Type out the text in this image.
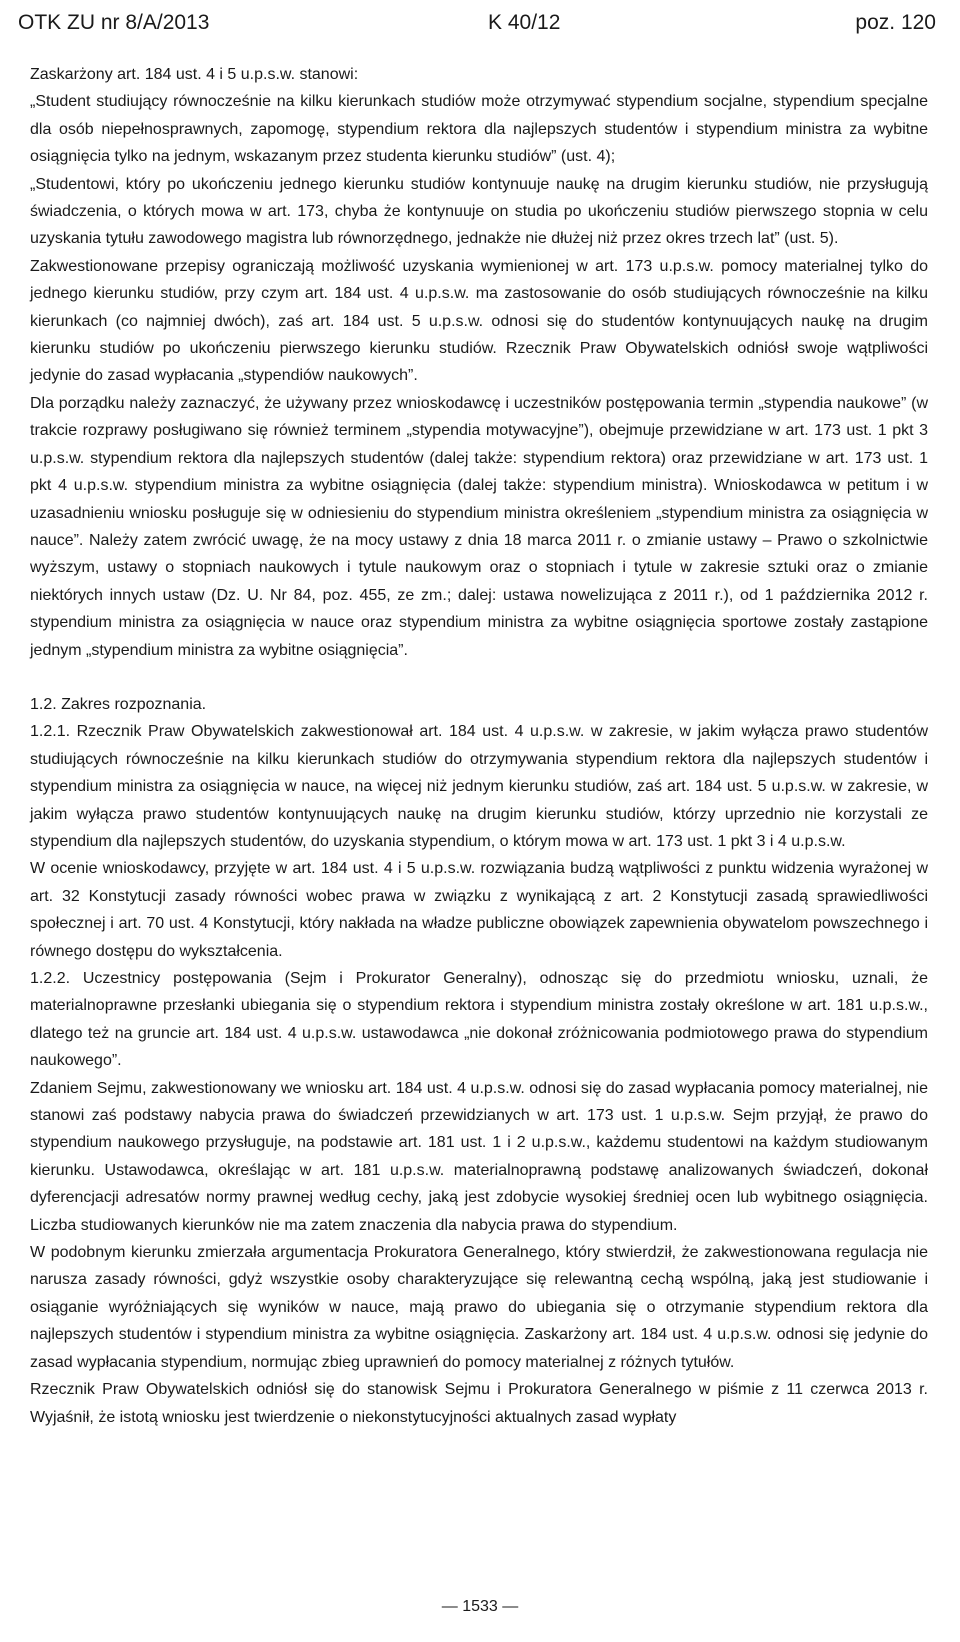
OTK ZU nr 8/A/2013	K 40/12	poz. 120

Zaskarżony art. 184 ust. 4 i 5 u.p.s.w. stanowi:

„Student studiujący równocześnie na kilku kierunkach studiów może otrzymywać stypendium socjalne, stypendium specjalne dla osób niepełnosprawnych, zapomogę, stypendium rektora dla najlepszych studentów i stypendium ministra za wybitne osiągnięcia tylko na jednym, wskazanym przez studenta kierunku studiów” (ust. 4);

„Studentowi, który po ukończeniu jednego kierunku studiów kontynuuje naukę na drugim kierunku studiów, nie przysługują świadczenia, o których mowa w art. 173, chyba że kontynuuje on studia po ukończeniu studiów pierwszego stopnia w celu uzyskania tytułu zawodowego magistra lub równorzędnego, jednakże nie dłużej niż przez okres trzech lat” (ust. 5).

Zakwestionowane przepisy ograniczają możliwość uzyskania wymienionej w art. 173 u.p.s.w. pomocy materialnej tylko do jednego kierunku studiów, przy czym art. 184 ust. 4 u.p.s.w. ma zastosowanie do osób studiujących równocześnie na kilku kierunkach (co najmniej dwóch), zaś art. 184 ust. 5 u.p.s.w. odnosi się do studentów kontynuujących naukę na drugim kierunku studiów po ukończeniu pierwszego kierunku studiów. Rzecznik Praw Obywatelskich odniósł swoje wątpliwości jedynie do zasad wypłacania „stypendiów naukowych”.

Dla porządku należy zaznaczyć, że używany przez wnioskodawcę i uczestników postępowania termin „stypendia naukowe” (w trakcie rozprawy posługiwano się również terminem „stypendia motywacyjne”), obejmuje przewidziane w art. 173 ust. 1 pkt 3 u.p.s.w. stypendium rektora dla najlepszych studentów (dalej także: stypendium rektora) oraz przewidziane w art. 173 ust. 1 pkt 4 u.p.s.w. stypendium ministra za wybitne osiągnięcia (dalej także: stypendium ministra). Wnioskodawca w petitum i w uzasadnieniu wniosku posługuje się w odniesieniu do stypendium ministra określeniem „stypendium ministra za osiągnięcia w nauce”. Należy zatem zwrócić uwagę, że na mocy ustawy z dnia 18 marca 2011 r. o zmianie ustawy – Prawo o szkolnictwie wyższym, ustawy o stopniach naukowych i tytule naukowym oraz o stopniach i tytule w zakresie sztuki oraz o zmianie niektórych innych ustaw (Dz. U. Nr 84, poz. 455, ze zm.; dalej: ustawa nowelizująca z 2011 r.), od 1 października 2012 r. stypendium ministra za osiągnięcia w nauce oraz stypendium ministra za wybitne osiągnięcia sportowe zostały zastąpione jednym „stypendium ministra za wybitne osiągnięcia”.

1.2. Zakres rozpoznania.

1.2.1. Rzecznik Praw Obywatelskich zakwestionował art. 184 ust. 4 u.p.s.w. w zakresie, w jakim wyłącza prawo studentów studiujących równocześnie na kilku kierunkach studiów do otrzymywania stypendium rektora dla najlepszych studentów i stypendium ministra za osiągnięcia w nauce, na więcej niż jednym kierunku studiów, zaś art. 184 ust. 5 u.p.s.w. w zakresie, w jakim wyłącza prawo studentów kontynuujących naukę na drugim kierunku studiów, którzy uprzednio nie korzystali ze stypendium dla najlepszych studentów, do uzyskania stypendium, o którym mowa w art. 173 ust. 1 pkt 3 i 4 u.p.s.w.

W ocenie wnioskodawcy, przyjęte w art. 184 ust. 4 i 5 u.p.s.w. rozwiązania budzą wątpliwości z punktu widzenia wyrażonej w art. 32 Konstytucji zasady równości wobec prawa w związku z wynikającą z art. 2 Konstytucji zasadą sprawiedliwości społecznej i art. 70 ust. 4 Konstytucji, który nakłada na władze publiczne obowiązek zapewnienia obywatelom powszechnego i równego dostępu do wykształcenia.

1.2.2. Uczestnicy postępowania (Sejm i Prokurator Generalny), odnosząc się do przedmiotu wniosku, uznali, że materialnoprawne przesłanki ubiegania się o stypendium rektora i stypendium ministra zostały określone w art. 181 u.p.s.w., dlatego też na gruncie art. 184 ust. 4 u.p.s.w. ustawodawca „nie dokonał zróżnicowania podmiotowego prawa do stypendium naukowego”.

Zdaniem Sejmu, zakwestionowany we wniosku art. 184 ust. 4 u.p.s.w. odnosi się do zasad wypłacania pomocy materialnej, nie stanowi zaś podstawy nabycia prawa do świadczeń przewidzianych w art. 173 ust. 1 u.p.s.w. Sejm przyjął, że prawo do stypendium naukowego przysługuje, na podstawie art. 181 ust. 1 i 2 u.p.s.w., każdemu studentowi na każdym studiowanym kierunku. Ustawodawca, określając w art. 181 u.p.s.w. materialnoprawną podstawę analizowanych świadczeń, dokonał dyferencjacji adresatów normy prawnej według cechy, jaką jest zdobycie wysokiej średniej ocen lub wybitnego osiągnięcia. Liczba studiowanych kierunków nie ma zatem znaczenia dla nabycia prawa do stypendium.

W podobnym kierunku zmierzała argumentacja Prokuratora Generalnego, który stwierdził, że zakwestionowana regulacja nie narusza zasady równości, gdyż wszystkie osoby charakteryzujące się relewantną cechą wspólną, jaką jest studiowanie i osiąganie wyróżniających się wyników w nauce, mają prawo do ubiegania się o otrzymanie stypendium rektora dla najlepszych studentów i stypendium ministra za wybitne osiągnięcia. Zaskarżony art. 184 ust. 4 u.p.s.w. odnosi się jedynie do zasad wypłacania stypendium, normując zbieg uprawnień do pomocy materialnej z różnych tytułów.

Rzecznik Praw Obywatelskich odniósł się do stanowisk Sejmu i Prokuratora Generalnego w piśmie z 11 czerwca 2013 r. Wyjaśnił, że istotą wniosku jest twierdzenie o niekonstytucyjności aktualnych zasad wypłaty

— 1533 —
